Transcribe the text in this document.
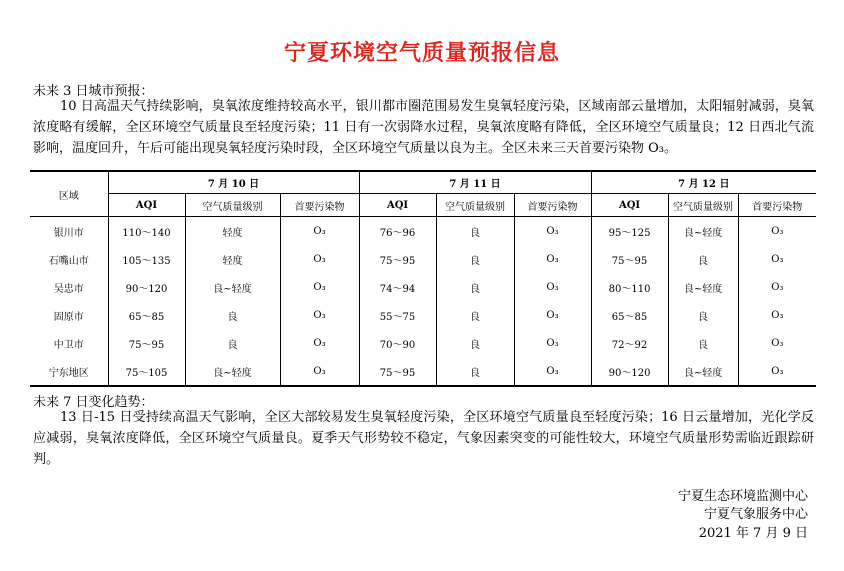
宁夏环境空气质量预报信息
未来 3 日城市预报：
10 日高温天气持续影响，臭氧浓度维持较高水平，银川都市圈范围易发生臭氧轻度污染，区域南部云量增加，太阳辐射减弱，臭氧浓度略有缓解，全区环境空气质量良至轻度污染；11 日有一次弱降水过程，臭氧浓度略有降低，全区环境空气质量良；12 日西北气流影响，温度回升，午后可能出现臭氧轻度污染时段，全区环境空气质量以良为主。全区未来三天首要污染物 O₃。
区域	7 月 10 日			7 月 11 日			7 月 12 日		
	AQI	空气质量级别	首要污染物	AQI	空气质量级别	首要污染物	AQI	空气质量级别	首要污染物
银川市	110～140	轻度	O₃	76～96	良	O₃	95～125	良~轻度	O₃
石嘴山市	105～135	轻度	O₃	75～95	良	O₃	75～95	良	O₃
吴忠市	90～120	良~轻度	O₃	74～94	良	O₃	80～110	良~轻度	O₃
固原市	65～85	良	O₃	55～75	良	O₃	65～85	良	O₃
中卫市	75～95	良	O₃	70～90	良	O₃	72～92	良	O₃
宁东地区	75～105	良~轻度	O₃	75～95	良	O₃	90～120	良~轻度	O₃
未来 7 日变化趋势：
13 日-15 日受持续高温天气影响，全区大部较易发生臭氧轻度污染，全区环境空气质量良至轻度污染；16 日云量增加，光化学反应减弱，臭氧浓度降低，全区环境空气质量良。夏季天气形势较不稳定，气象因素突变的可能性较大，环境空气质量形势需临近跟踪研判。
宁夏生态环境监测中心
宁夏气象服务中心
2021 年 7 月 9 日
